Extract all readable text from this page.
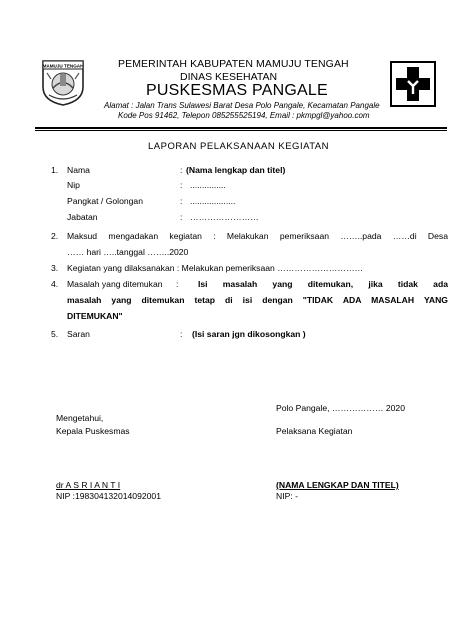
MAMUJU TENGAH	PEMERINTAH KABUPATEN MAMUJU TENGAH
DINAS KESEHATAN
PUSKESMAS PANGALE
Alamat : Jalan Trans Sulawesi Barat Desa Polo Pangale, Kecamatan Pangale
Kode Pos 91462, Telepon 085255525194, Email : pkmpgl@yahoo.com
LAPORAN PELAKSANAAN KEGIATAN
1. Nama	: (Nama lengkap dan titel)
Nip	: ...............
Pangkat / Golongan	: ...................
Jabatan	: ……………………
2. Maksud mengadakan kegiatan : Melakukan pemeriksaan ……..pada ……di Desa
…… hari …..tanggal ……..2020
3. Kegiatan yang dilaksanakan : Melakukan pemeriksaan …………………………
4. Masalah yang ditemukan : Isi masalah yang ditemukan, jika tidak ada
masalah yang ditemukan tetap di isi dengan "TIDAK ADA MASALAH YANG
DITEMUKAN"
5. Saran	: (Isi saran jgn dikosongkan )
Polo Pangale, ……………… 2020
Mengetahui,
Kepala Puskesmas	Pelaksana Kegiatan
dr A S R I A N T I
NIP :198304132014092001
(NAMA LENGKAP DAN TITEL)
NIP: -
